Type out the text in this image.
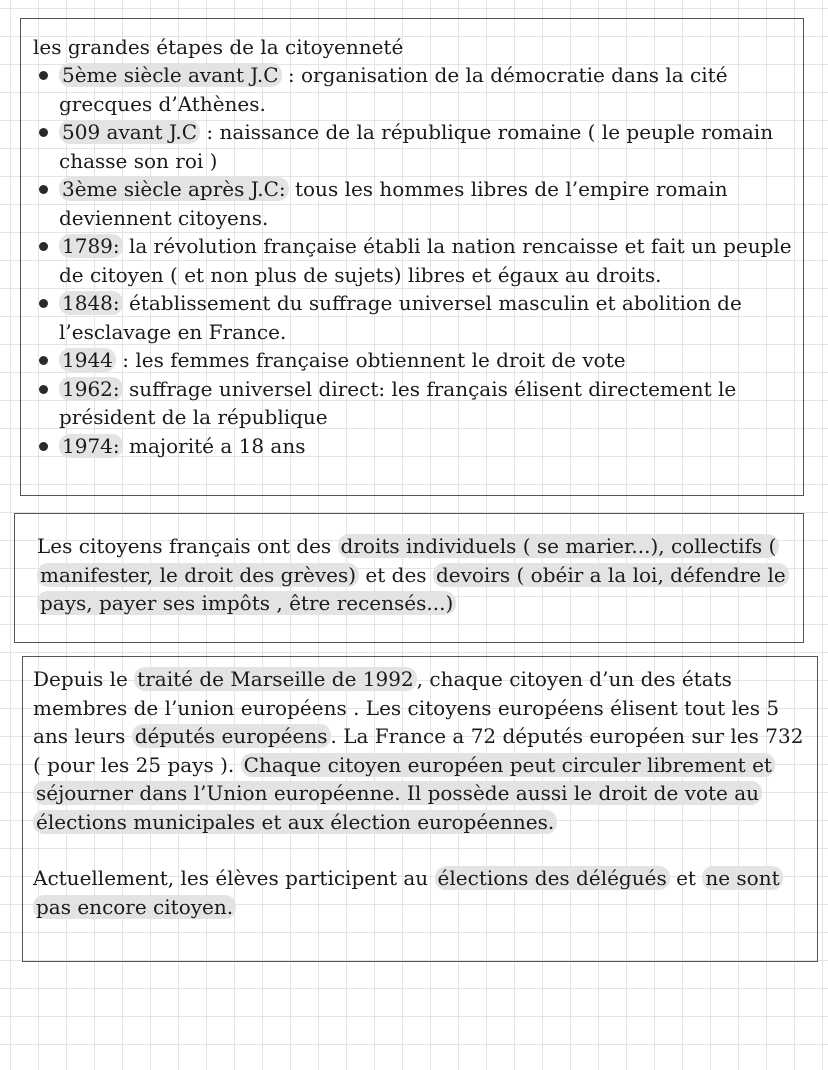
les grandes étapes de la citoyenneté

5ème siècle avant J.C : organisation de la démocratie dans la cité grecques d’Athènes.
509 avant J.C : naissance de la république romaine ( le peuple romain chasse son roi )
3ème siècle après J.C: tous les hommes libres de l’empire romain deviennent citoyens.
1789: la révolution française établi la nation rencaisse et fait un peuple de citoyen ( et non plus de sujets) libres et égaux au droits.
1848: établissement du suffrage universel masculin et abolition de l’esclavage en France.
1944 : les femmes française obtiennent le droit de vote
1962: suffrage universel direct: les français élisent directement le président de la république
1974: majorité a 18 ans

Les citoyens français ont des droits individuels ( se marier...), collectifs ( manifester, le droit des grèves) et des devoirs ( obéir a la loi, défendre le pays, payer ses impôts , être recensés...)

Depuis le traité de Marseille de 1992 , chaque citoyen d’un des états membres de l’union européens . Les citoyens européens élisent tout les 5 ans leurs députés européens . La France a 72 députés européen sur les 732 ( pour les 25 pays ). Chaque citoyen européen peut circuler librement et séjourner dans l’Union européenne. Il possède aussi le droit de vote au élections municipales et aux élection européennes.

Actuellement, les élèves participent au élections des délégués et ne sont pas encore citoyen.
